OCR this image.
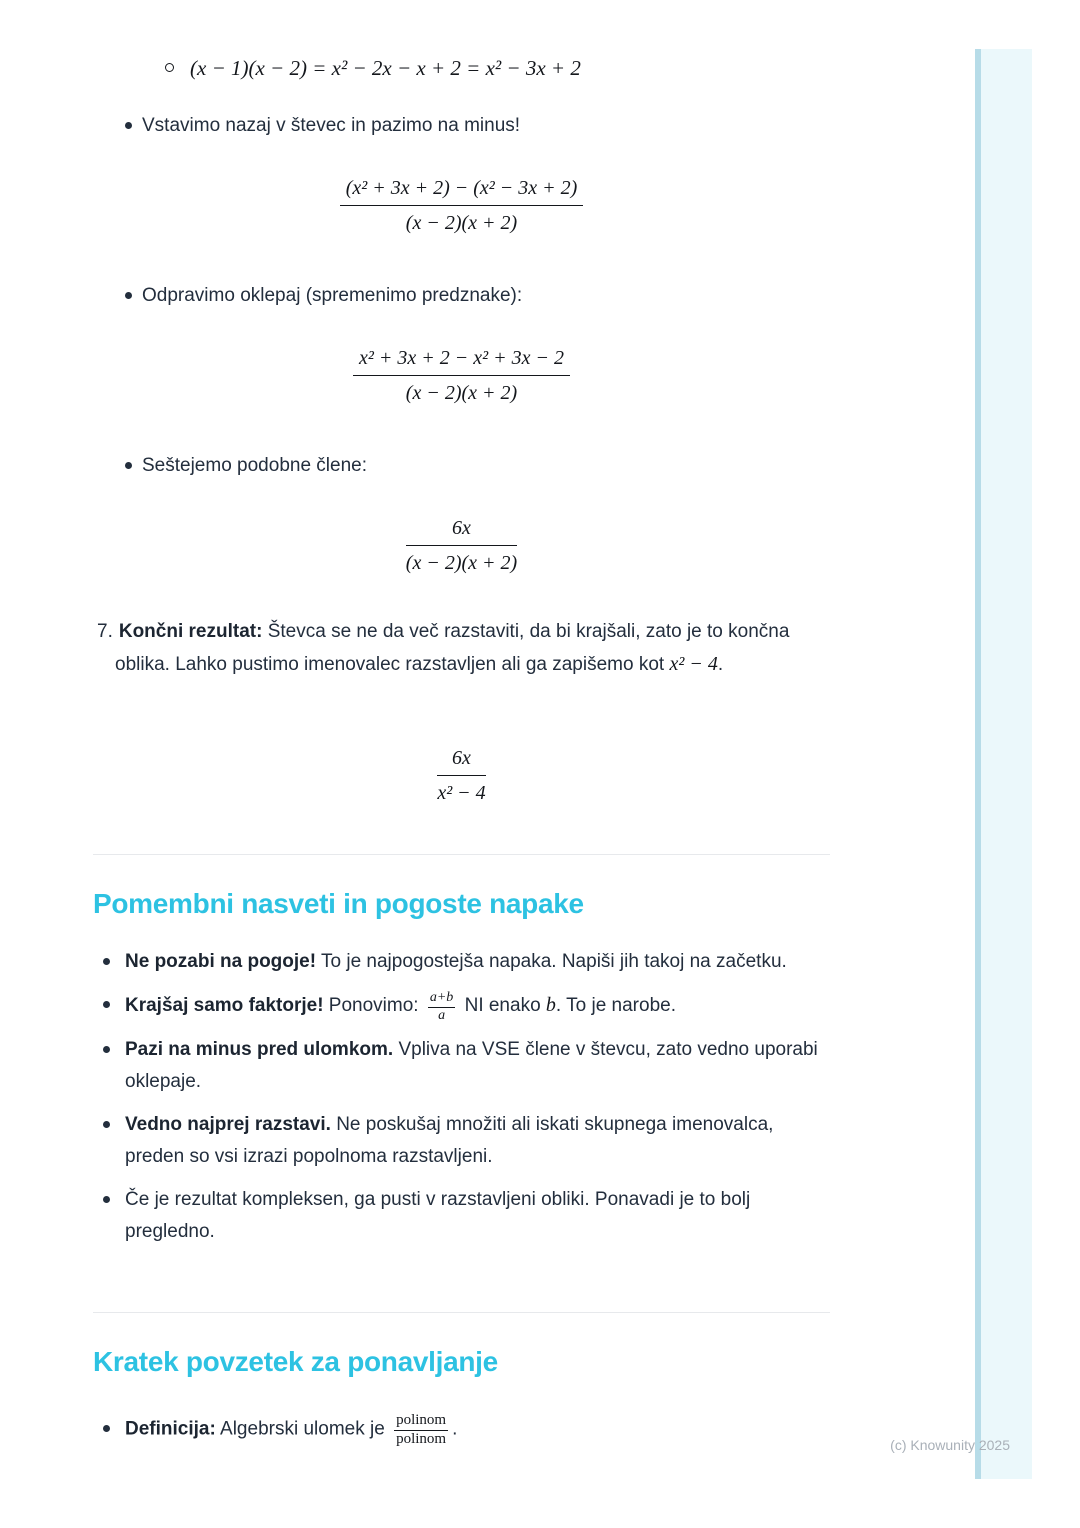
(x − 1)(x − 2) = x² − 2x − x + 2 = x² − 3x + 2
Vstavimo nazaj v števec in pazimo na minus!
$\frac{\text{(x² + 3x + 2) − (x² − 3x + 2)}}{(x - 2)(x + 2)}$
Odpravimo oklepaj (spremenimo predznake):
$\frac{\text{x² + 3x + 2 − x² + 3x − 2}}{(x - 2)(x + 2)}$
Seštejemo podobne člene:
$\frac{6x}{(x - 2)(x + 2)}$

7. Končni rezultat: Števca se ne da več razstaviti, da bi krajšali, zato je to končna oblika. Lahko pustimo imenovalec razstavljen ali ga zapišemo kot x² − 4.

$\frac{6x}{\text{x² − 4}}$
Pomembni nasveti in pogoste napake
Ne pozabi na pogoje! To je najpogostejša napaka. Napiši jih takoj na začetku.
Krajšaj samo faktorje! Ponovimo: $\frac{a+b}{a}$ NI enako b. To je narobe.
Pazi na minus pred ulomkom. Vpliva na VSE člene v števcu, zato vedno uporabi oklepaje.
Vedno najprej razstavi. Ne poskušaj množiti ali iskati skupnega imenovalca, preden so vsi izrazi popolnoma razstavljeni.
Če je rezultat kompleksen, ga pusti v razstavljeni obliki. Ponavadi je to bolj pregledno.
Kratek povzetek za ponavljanje
Definicija: Algebrski ulomek je $\frac{\text{polinom}}{\text{polinom}}$ .
(c) Knowunity 2025
